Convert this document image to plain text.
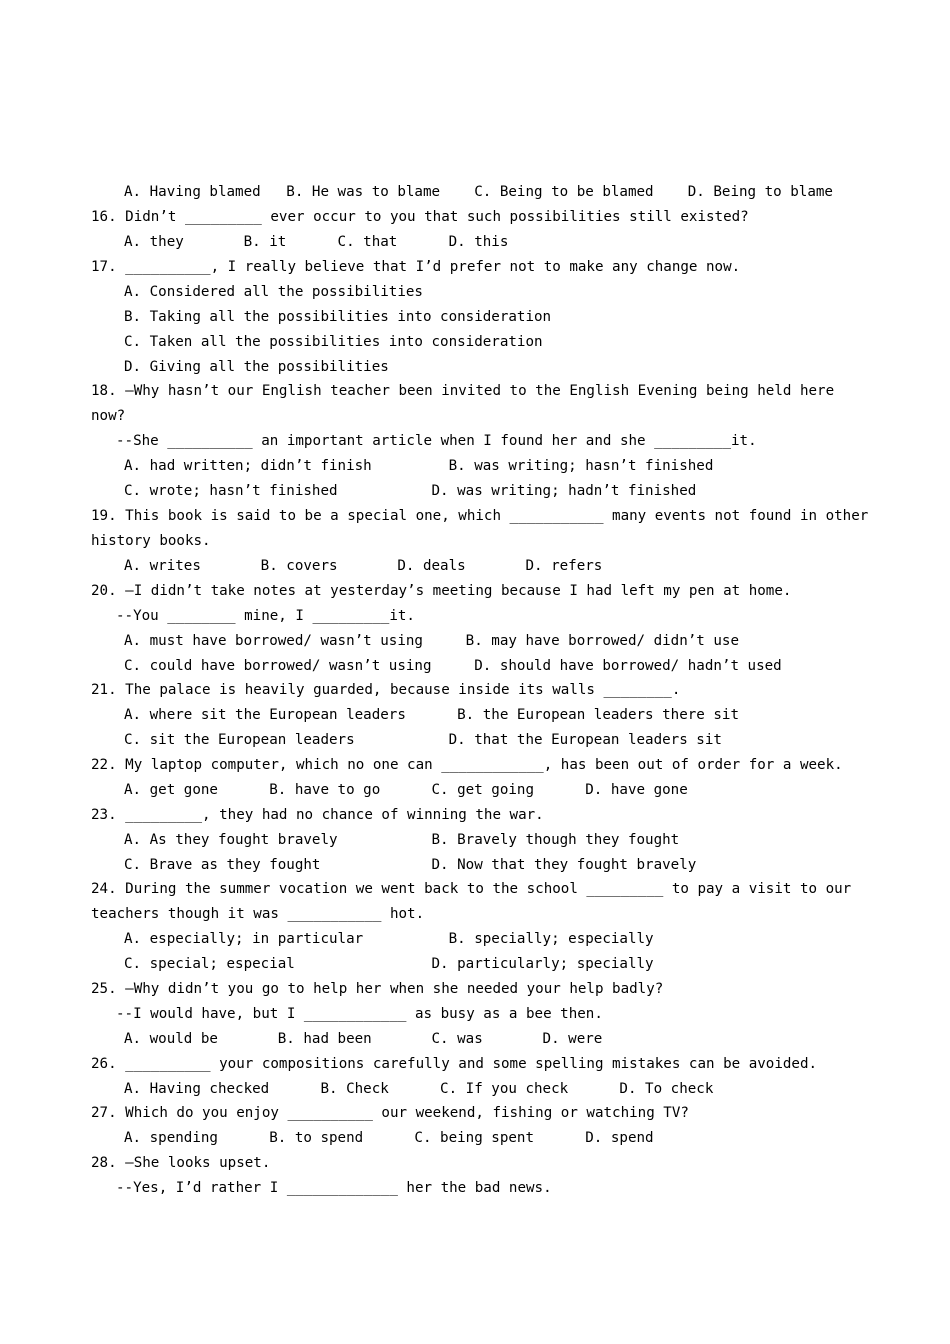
A. Having blamed   B. He was to blame    C. Being to be blamed    D. Being to blame
16. Didn’t _________ ever occur to you that such possibilities still existed?
A. they       B. it      C. that      D. this
17. __________, I really believe that I’d prefer not to make any change now.
A. Considered all the possibilities
B. Taking all the possibilities into consideration
C. Taken all the possibilities into consideration
D. Giving all the possibilities
18. –Why hasn’t our English teacher been invited to the English Evening being held here
now?
--She __________ an important article when I found her and she _________it.
A. had written; didn’t finish         B. was writing; hasn’t finished
C. wrote; hasn’t finished           D. was writing; hadn’t finished
19. This book is said to be a special one, which ___________ many events not found in other
history books.
A. writes       B. covers       D. deals       D. refers
20. –I didn’t take notes at yesterday’s meeting because I had left my pen at home.
--You ________ mine, I _________it.
A. must have borrowed/ wasn’t using     B. may have borrowed/ didn’t use
C. could have borrowed/ wasn’t using     D. should have borrowed/ hadn’t used
21. The palace is heavily guarded, because inside its walls ________.
A. where sit the European leaders      B. the European leaders there sit
C. sit the European leaders           D. that the European leaders sit
22. My laptop computer, which no one can ____________, has been out of order for a week.
A. get gone      B. have to go      C. get going      D. have gone
23. _________, they had no chance of winning the war.
A. As they fought bravely           B. Bravely though they fought
C. Brave as they fought             D. Now that they fought bravely
24. During the summer vocation we went back to the school _________ to pay a visit to our
teachers though it was ___________ hot.
A. especially; in particular          B. specially; especially
C. special; especial                D. particularly; specially
25. –Why didn’t you go to help her when she needed your help badly?
--I would have, but I ____________ as busy as a bee then.
A. would be       B. had been       C. was       D. were
26. __________ your compositions carefully and some spelling mistakes can be avoided.
A. Having checked      B. Check      C. If you check      D. To check
27. Which do you enjoy __________ our weekend, fishing or watching TV?
A. spending      B. to spend      C. being spent      D. spend
28. –She looks upset.
--Yes, I’d rather I _____________ her the bad news.
